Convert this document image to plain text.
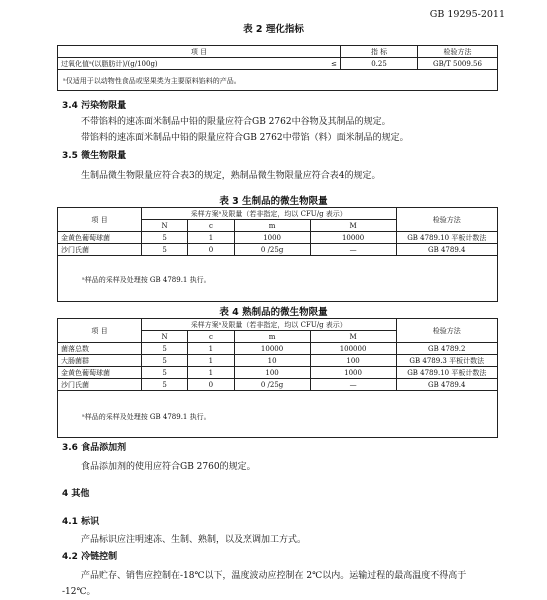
GB 19295-2011
表 2 理化指标
项 目		指 标	检验方法
过氧化值ᵃ(以脂肪计)/(g/100g)	≤	0.25	GB/T 5009.56
ᵃ仅适用于以动物性食品或坚果类为主要原料馅料的产品。
3.4 污染物限量
不带馅料的速冻面米制品中铅的限量应符合GB 2762中谷物及其制品的规定。
带馅料的速冻面米制品中铅的限量应符合GB 2762中带馅（料）面米制品的规定。
3.5 微生物限量
生制品微生物限量应符合表3的规定，熟制品微生物限量应符合表4的规定。
表 3 生制品的微生物限量
项 目	采样方案ᵃ及限量（若非指定，均以 CFU/g 表示）				检验方法
	N	c	m	M	
金黄色葡萄球菌	5	1	1000	10000	GB 4789.10 平板计数法
沙门氏菌	5	0	0 /25g	—	GB 4789.4
ᵃ样品的采样及处理按 GB 4789.1 执行。
表 4 熟制品的微生物限量
项 目	采样方案ᵃ及限量（若非指定，均以 CFU/g 表示）				检验方法
	N	c	m	M	
菌落总数	5	1	10000	100000	GB 4789.2
大肠菌群	5	1	10	100	GB 4789.3 平板计数法
金黄色葡萄球菌	5	1	100	1000	GB 4789.10 平板计数法
沙门氏菌	5	0	0 /25g	—	GB 4789.4
ᵃ样品的采样及处理按 GB 4789.1 执行。
3.6 食品添加剂
食品添加剂的使用应符合GB 2760的规定。
4 其他
4.1 标识
产品标识应注明速冻、生制、熟制，以及烹调加工方式。
4.2 冷链控制
产品贮存、销售应控制在-18℃以下，温度波动应控制在 2℃以内。运输过程的最高温度不得高于
-12℃。
